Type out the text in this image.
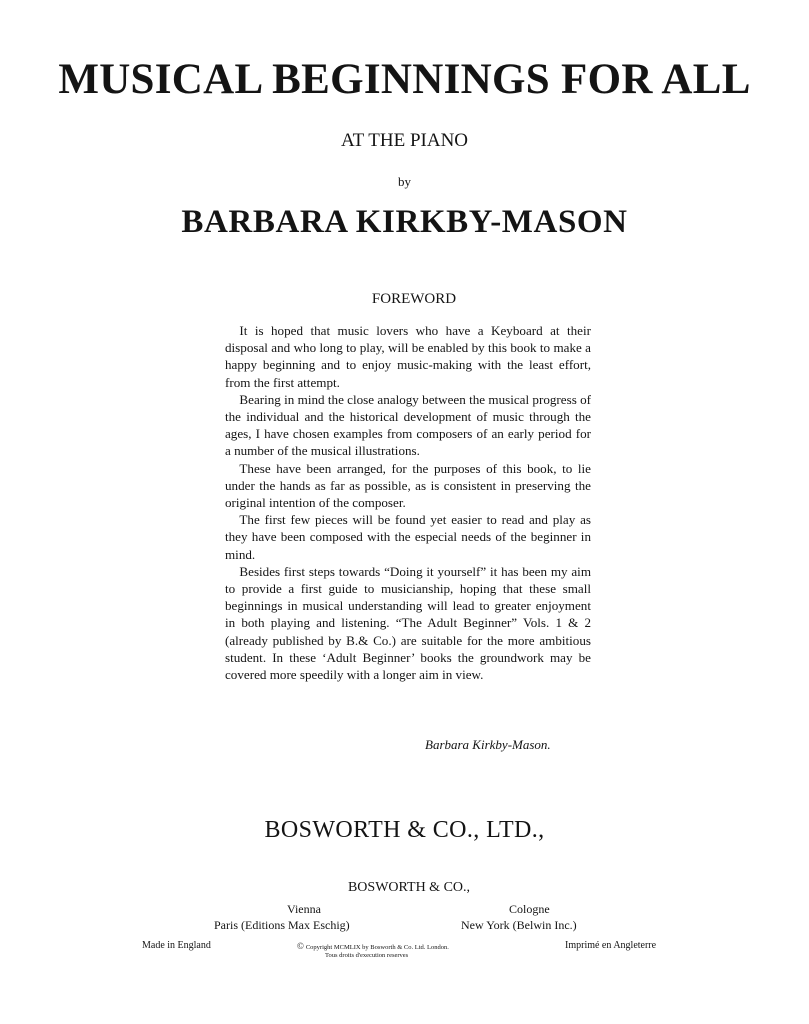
MUSICAL BEGINNINGS FOR ALL
AT THE PIANO
by
BARBARA KIRKBY-MASON
FOREWORD

It is hoped that music lovers who have a Keyboard at their disposal and who long to play, will be enabled by this book to make a happy beginning and to enjoy music-making with the least effort, from the first attempt.

Bearing in mind the close analogy between the musical progress of the individual and the historical development of music through the ages, I have chosen examples from composers of an early period for a number of the musical illustrations.

These have been arranged, for the purposes of this book, to lie under the hands as far as possible, as is consistent in preserving the original intention of the composer.

The first few pieces will be found yet easier to read and play as they have been composed with the especial needs of the beginner in mind.

Besides first steps towards “Doing it yourself” it has been my aim to provide a first guide to musicianship, hoping that these small beginnings in musical understanding will lead to greater enjoyment in both playing and listening. “The Adult Beginner” Vols. 1 & 2 (already published by B.& Co.) are suitable for the more ambitious student. In these ‘Adult Beginner’ books the groundwork may be covered more speedily with a longer aim in view.

Barbara Kirkby-Mason.
BOSWORTH & CO., LTD.,
BOSWORTH & CO.,
Vienna	Cologne
Paris (Editions Max Eschig)	New York (Belwin Inc.)
Made in England	© Copyright MCMLIX by Bosworth & Co. Ltd. London.
Tous droits d'execution reserves
Imprimé en Angleterre
